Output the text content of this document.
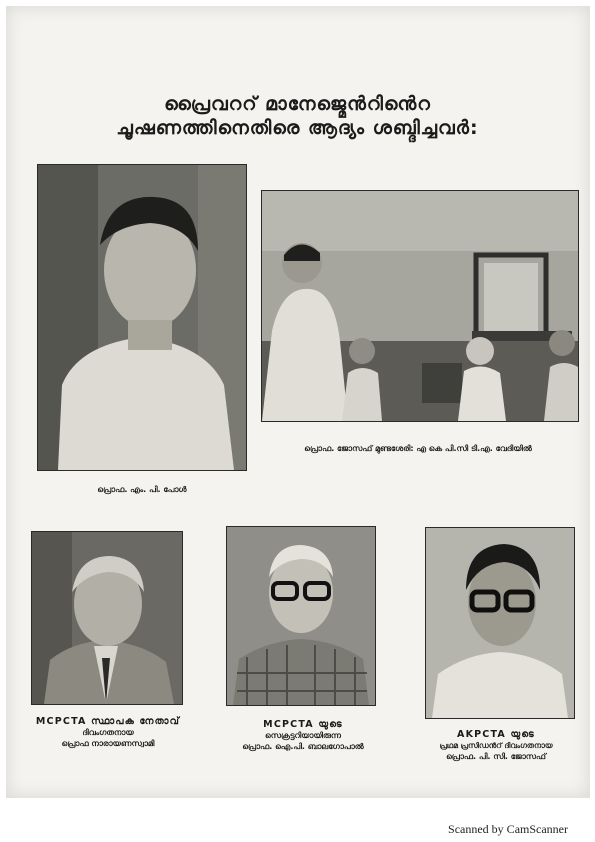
പ്രൈവററ് മാനേജ്മെൻറിൻെറ
ചൂഷണത്തിനെതിരെ ആദ്യം ശബ്ദിച്ചവർ:
പ്രൊഫ. എം. പി. പോൾ
പ്രൊഫ. ജോസഫ് മുണ്ടശേരി: എ കെ പി.സി ടി.എ. വേദിയിൽ
MCPCTA സ്ഥാപക നേതാവ്
ദിവംഗതനായ
പ്രൊഫ നാരായണസ്വാമി
MCPCTA യുടെ
സെക്രട്ടറിയായിരുന്ന
പ്രൊഫ. ഐ.പി. ബാലഗോപാൽ
AKPCTA യുടെ
പ്രഥമ പ്രസിഡൻറ് ദിവംഗതനായ
പ്രൊഫ. പി. സി. ജോസഫ്
Scanned by CamScanner
